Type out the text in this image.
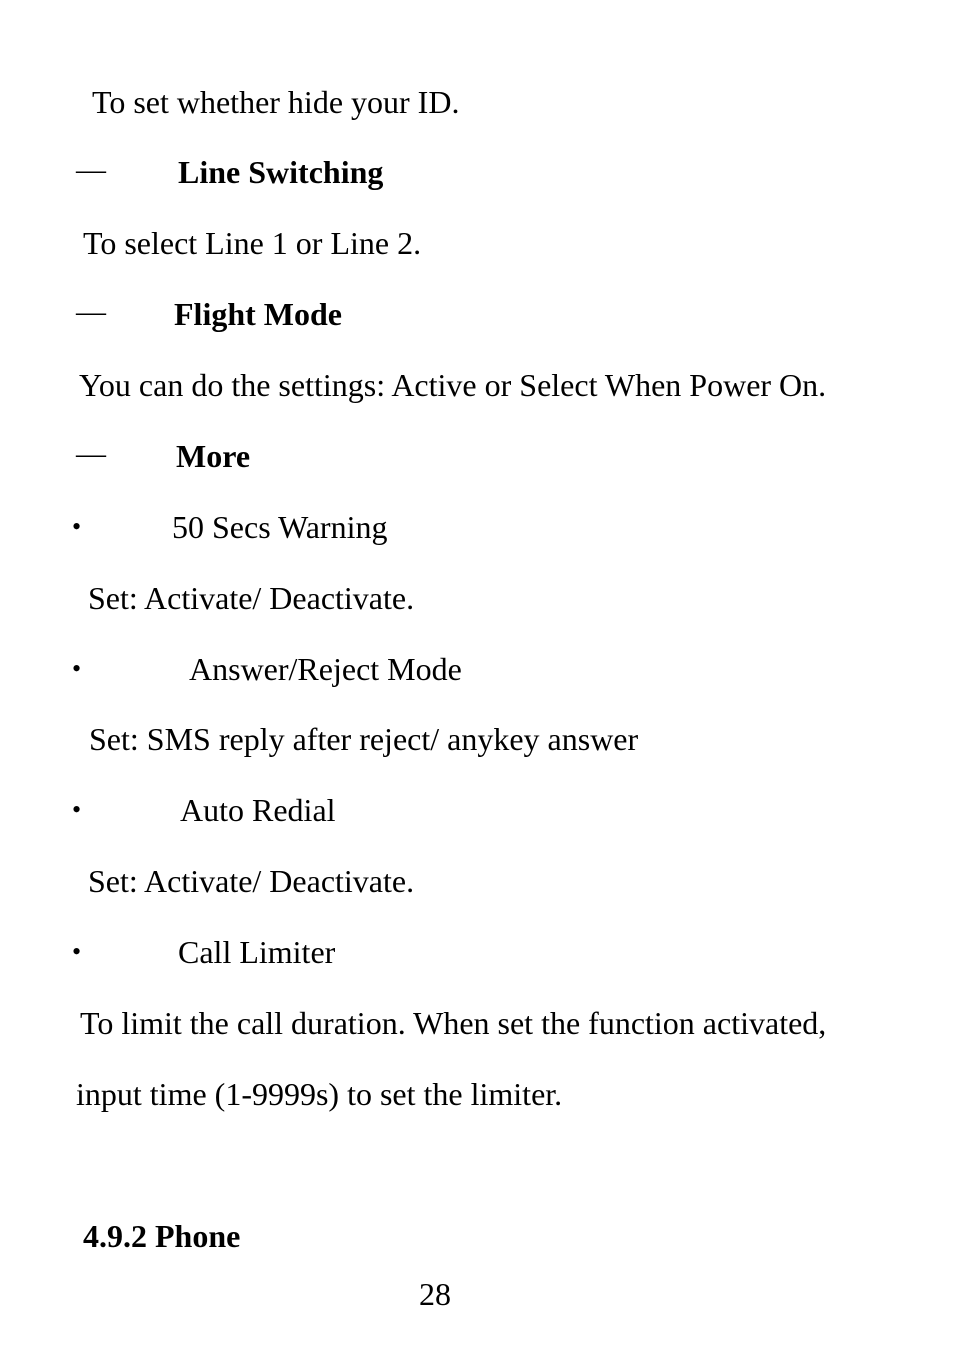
To set whether hide your ID.
— Line Switching
To select Line 1 or Line 2.
— Flight Mode
You can do the settings: Active or Select When Power On.
— More
•	50 Secs Warning
Set: Activate/ Deactivate.
•	Answer/Reject Mode
Set: SMS reply after reject/ anykey answer
•	Auto Redial
Set: Activate/ Deactivate.
•	Call Limiter
To limit the call duration. When set the function activated,
input time (1-9999s) to set the limiter.
4.9.2 Phone
28
